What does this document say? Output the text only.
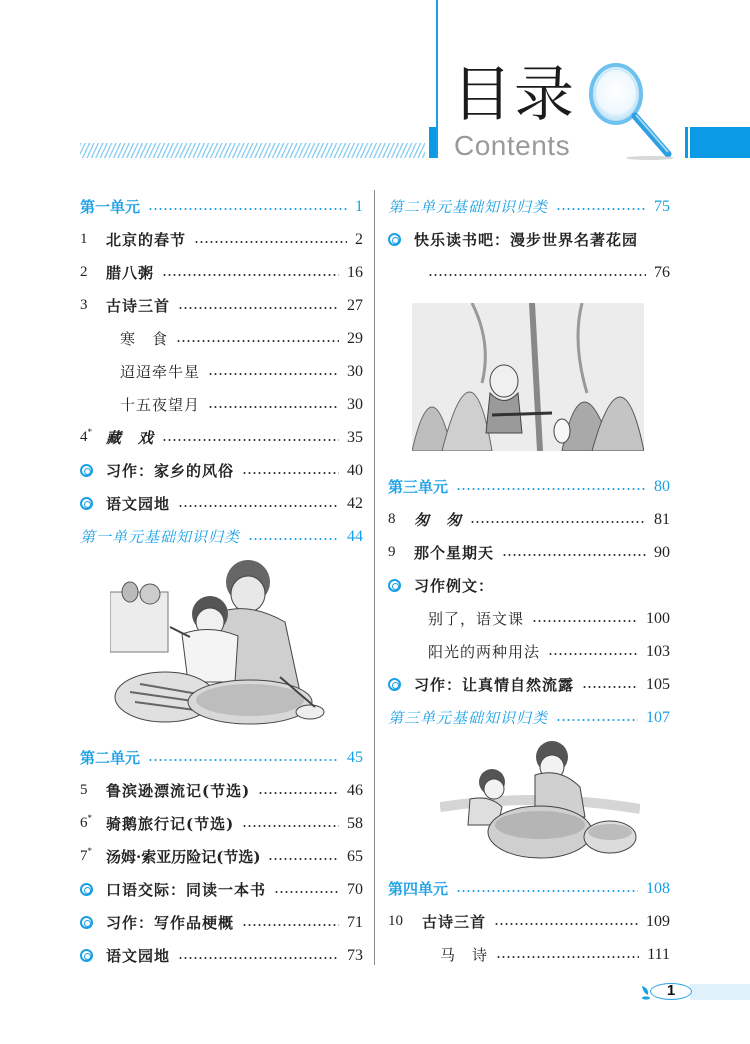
目录
Contents
第一单元	1
1	北京的春节	2
2	腊八粥	16
3	古诗三首	27
寒　食	29
迢迢牵牛星	30
十五夜望月	30
4* 藏　戏	35
习作：家乡的风俗	40
语文园地	42
第一单元基础知识归类	44
第二单元	45
5	鲁滨逊漂流记(节选)	46
6* 骑鹅旅行记(节选)	58
7* 汤姆·索亚历险记(节选)	65
口语交际：同读一本书	70
习作：写作品梗概	71
语文园地	73
第二单元基础知识归类	75
快乐读书吧：漫步世界名著花园
76
第三单元	80
8	匆　匆	81
9	那个星期天	90
习作例文：
别了，语文课	100
阳光的两种用法	103
习作：让真情自然流露	105
第三单元基础知识归类	107
第四单元	108
10	古诗三首	109
马　诗	111
1
